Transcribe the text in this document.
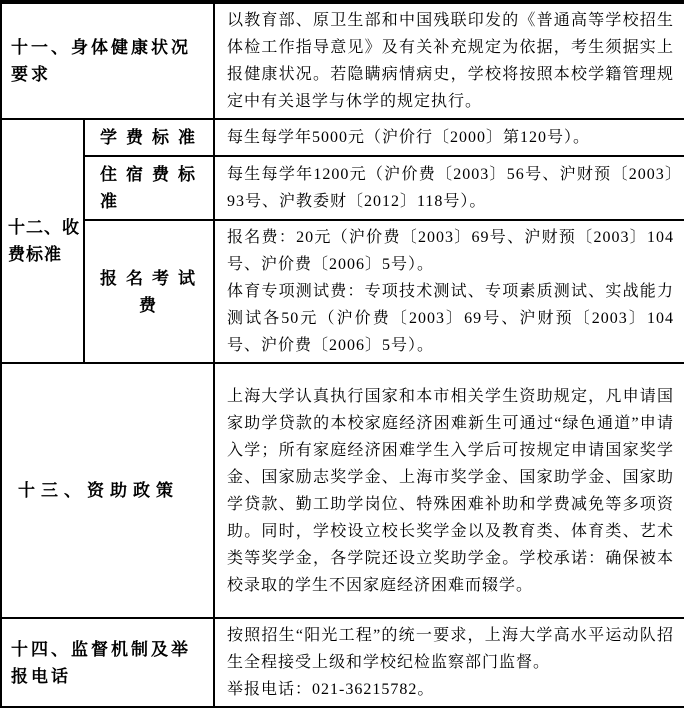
十一、身体健康状况要求		以教育部、原卫生部和中国残联印发的《普通高等学校招生体检工作指导意见》及有关补充规定为依据，考生须据实上报健康状况。若隐瞒病情病史，学校将按照本校学籍管理规定中有关退学与休学的规定执行。	
十二、收费标准	学费标准	每生每学年5000元（沪价行〔2000〕第120号）。	
	住宿费标准	每生每学年1200元（沪价费〔2003〕56号、沪财预〔2003〕93号、沪教委财〔2012〕118号）。	
	报名考试费	报名费：20元（沪价费〔2003〕69号、沪财预〔2003〕104号、沪价费〔2006〕5号）。

体育专项测试费：专项技术测试、专项素质测试、实战能力测试各50元（沪价费〔2003〕69号、沪财预〔2003〕104号、沪价费〔2006〕5号）。	

十三、资助政策		上海大学认真执行国家和本市相关学生资助规定，凡申请国家助学贷款的本校家庭经济困难新生可通过“绿色通道”申请入学；所有家庭经济困难学生入学后可按规定申请国家奖学金、国家励志奖学金、上海市奖学金、国家助学金、国家助学贷款、勤工助学岗位、特殊困难补助和学费减免等多项资助。同时，学校设立校长奖学金以及教育类、体育类、艺术类等奖学金，各学院还设立奖助学金。学校承诺：确保被本校录取的学生不因家庭经济困难而辍学。	
十四、监督机制及举报电话		按照招生“阳光工程”的统一要求，上海大学高水平运动队招生全程接受上级和学校纪检监察部门监督。

举报电话：021-36215782。	
